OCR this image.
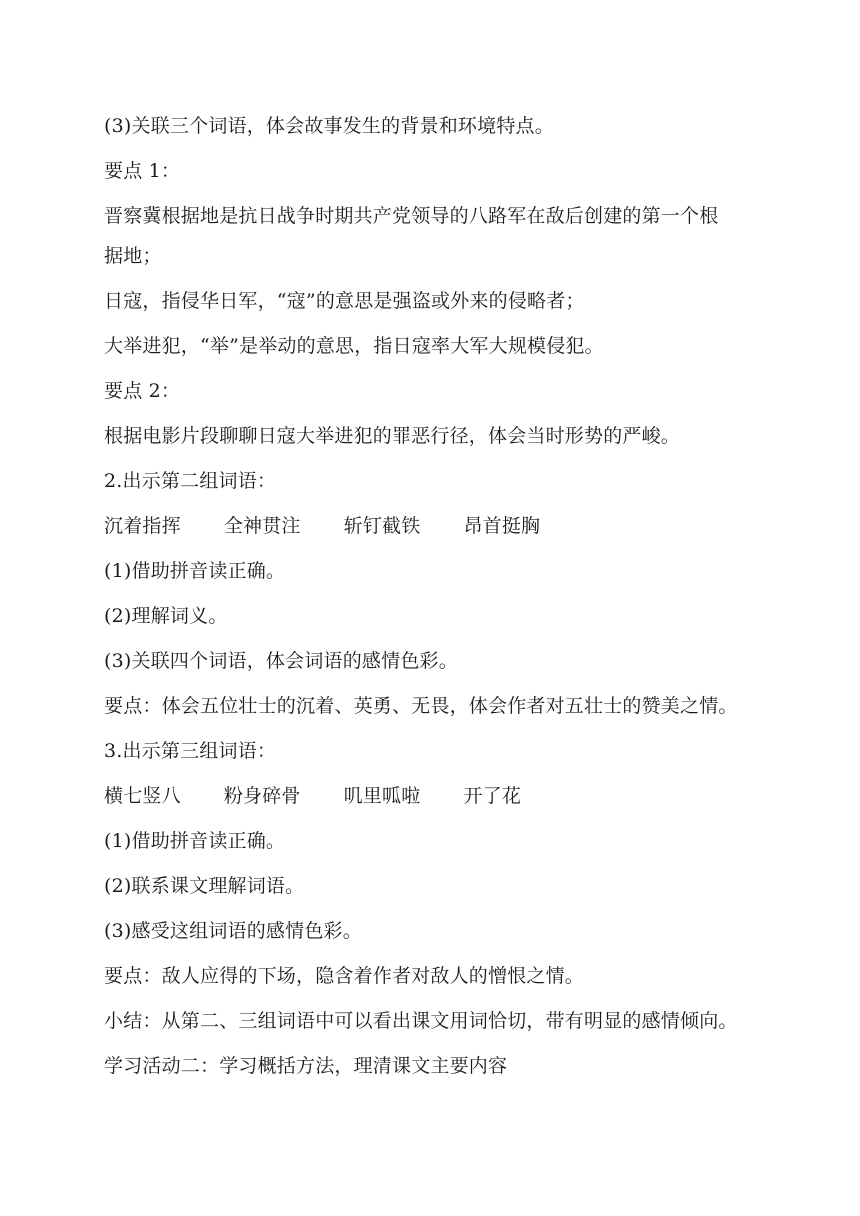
(3)关联三个词语，体会故事发生的背景和环境特点。
要点 1：
晋察冀根据地是抗日战争时期共产党领导的八路军在敌后创建的第一个根
据地；
日寇，指侵华日军，“寇”的意思是强盗或外来的侵略者；
大举进犯，“举”是举动的意思，指日寇率大军大规模侵犯。
要点 2：
根据电影片段聊聊日寇大举进犯的罪恶行径，体会当时形势的严峻。
2.出示第二组词语：
沉着指挥 全神贯注 斩钉截铁 昂首挺胸
(1)借助拼音读正确。
(2)理解词义。
(3)关联四个词语，体会词语的感情色彩。
要点：体会五位壮士的沉着、英勇、无畏，体会作者对五壮士的赞美之情。
3.出示第三组词语：
横七竖八 粉身碎骨 叽里呱啦 开了花
(1)借助拼音读正确。
(2)联系课文理解词语。
(3)感受这组词语的感情色彩。
要点：敌人应得的下场，隐含着作者对敌人的憎恨之情。
小结：从第二、三组词语中可以看出课文用词恰切，带有明显的感情倾向。
学习活动二：学习概括方法，理清课文主要内容
